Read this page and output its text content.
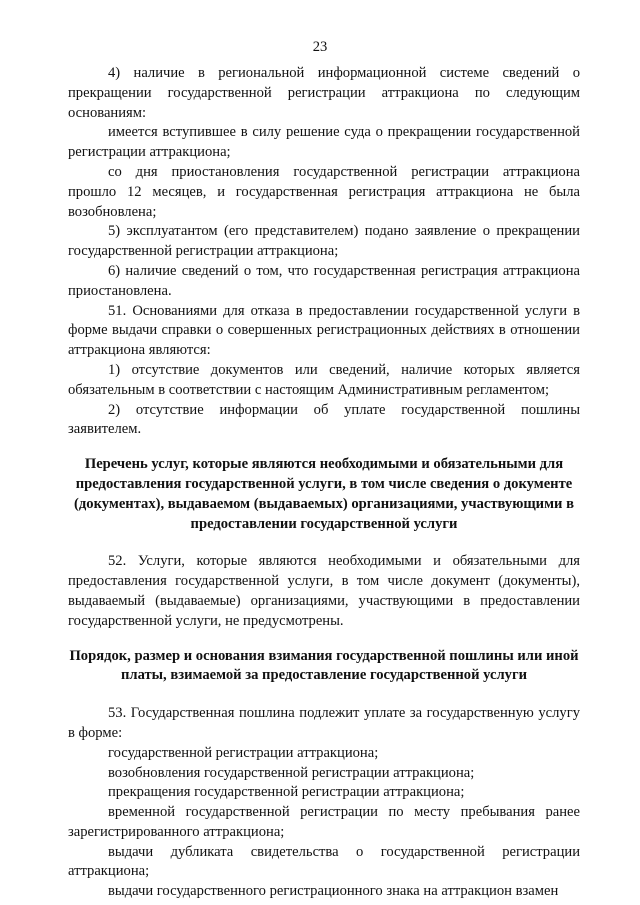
23

4) наличие в региональной информационной системе сведений о прекращении государственной регистрации аттракциона по следующим основаниям:

имеется вступившее в силу решение суда о прекращении государственной регистрации аттракциона;

со дня приостановления государственной регистрации аттракциона прошло 12 месяцев, и государственная регистрация аттракциона не была возобновлена;

5) эксплуатантом (его представителем) подано заявление о прекращении государственной регистрации аттракциона;

6) наличие сведений о том, что государственная регистрация аттракциона приостановлена.

51. Основаниями для отказа в предоставлении государственной услуги в форме выдачи справки о совершенных регистрационных действиях в отношении аттракциона являются:

1) отсутствие документов или сведений, наличие которых является обязательным в соответствии с настоящим Административным регламентом;

2) отсутствие информации об уплате государственной пошлины заявителем.

Перечень услуг, которые являются необходимыми и обязательными для предоставления государственной услуги, в том числе сведения о документе (документах), выдаваемом (выдаваемых) организациями, участвующими в предоставлении государственной услуги

52. Услуги, которые являются необходимыми и обязательными для предоставления государственной услуги, в том числе документ (документы), выдаваемый (выдаваемые) организациями, участвующими в предоставлении государственной услуги, не предусмотрены.

Порядок, размер и основания взимания государственной пошлины или иной платы, взимаемой за предоставление государственной услуги

53. Государственная пошлина подлежит уплате за государственную услугу в форме:

государственной регистрации аттракциона;

возобновления государственной регистрации аттракциона;

прекращения государственной регистрации аттракциона;

временной государственной регистрации по месту пребывания ранее зарегистрированного аттракциона;

выдачи дубликата свидетельства о государственной регистрации аттракциона;

выдачи государственного регистрационного знака на аттракцион взамен
